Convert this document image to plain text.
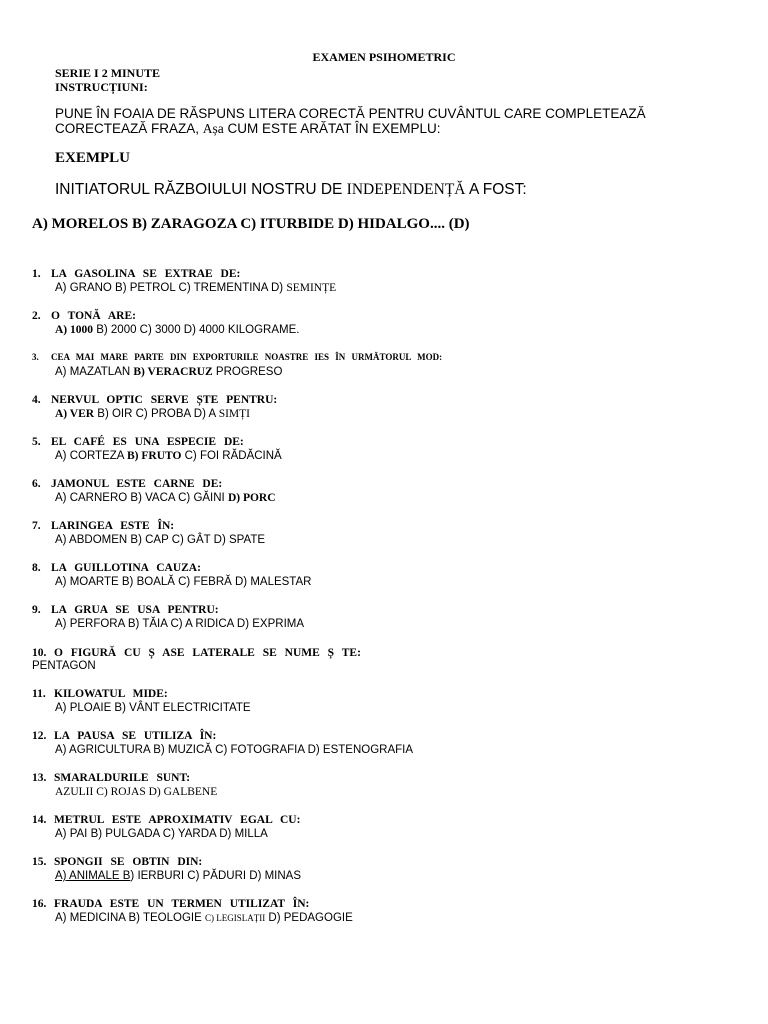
EXAMEN PSIHOMETRIC
SERIE I 2 MINUTE
INSTRUCȚIUNI:
PUNE ÎN FOAIA DE RĂSPUNS LITERA CORECTĂ PENTRU CUVÂNTUL CARE COMPLETEAZĂ
CORECTEAZĂ FRAZA, Așa CUM ESTE ARĂTAT ÎN EXEMPLU:
EXEMPLU
INITIATORUL RĂZBOIULUI NOSTRU DE INDEPENDENȚĂ A FOST:
A) MORELOS B) ZARAGOZA C) ITURBIDE D) HIDALGO.... (D)
1. LA GASOLINA SE EXTRAE DE:
A) GRANO B) PETROL C) TREMENTINA D) SEMINȚE
2. O TONĂ ARE:
A) 1000 B) 2000 C) 3000 D) 4000 KILOGRAME.
3. CEA MAI MARE PARTE DIN EXPORTURILE NOASTRE IES ÎN URMĂTORUL MOD:
A) MAZATLAN B) VERACRUZ PROGRESO
4. NERVUL OPTIC SERVE ȘTE PENTRU:
A) VER B) OIR C) PROBA D) A SIMȚI
5. EL CAFÉ ES UNA ESPECIE DE:
A) CORTEZA B) FRUTO C) FOI RĂDĂCINĂ
6. JAMONUL ESTE CARNE DE:
A) CARNERO B) VACA C) GĂINI D) PORC
7. LARINGEA ESTE ÎN:
A) ABDOMEN B) CAP C) GÂT D) SPATE
8. LA GUILLOTINA CAUZA:
A) MOARTE B) BOALĂ C) FEBRĂ D) MALESTAR
9. LA GRUA SE USA PENTRU:
A) PERFORA B) TĂIA C) A RIDICA D) EXPRIMA
10. O FIGURĂ CU Ș ASE LATERALE SE NUME Ș TE:
PENTAGON
11. KILOWATUL MIDE:
A) PLOAIE B) VÂNT ELECTRICITATE
12. LA PAUSA SE UTILIZA ÎN:
A) AGRICULTURA B) MUZICĂ C) FOTOGRAFIA D) ESTENOGRAFIA
13. SMARALDURILE SUNT:
AZULII C) ROJAS D) GALBENE
14. METRUL ESTE APROXIMATIV EGAL CU:
A) PAI B) PULGADA C) YARDA D) MILLA
15. SPONGII SE OBTIN DIN:
A) ANIMALE B) IERBURI C) PĂDURI D) MINAS
16. FRAUDA ESTE UN TERMEN UTILIZAT ÎN:
A) MEDICINA B) TEOLOGIE C) LEGISLAȚII D) PEDAGOGIE
